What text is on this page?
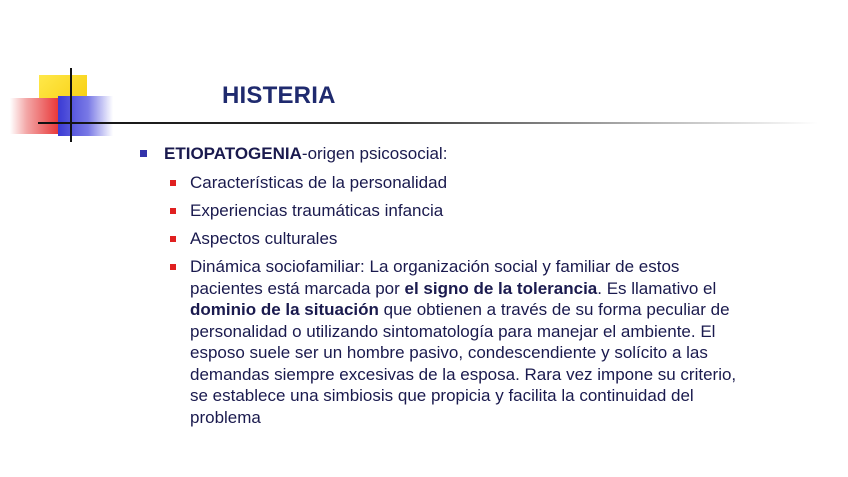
HISTERIA
ETIOPATOGENIA-origen psicosocial:
Características de la personalidad
Experiencias traumáticas infancia
Aspectos culturales
Dinámica sociofamiliar: La organización social y familiar de estos pacientes está marcada por el signo de la tolerancia. Es llamativo el dominio de la situación que obtienen a través de su forma peculiar de personalidad o utilizando sintomatología para manejar el ambiente. El esposo suele ser un hombre pasivo, condescendiente y solícito a las demandas siempre excesivas de la esposa. Rara vez impone su criterio, se establece una simbiosis que propicia y facilita la continuidad del problema
